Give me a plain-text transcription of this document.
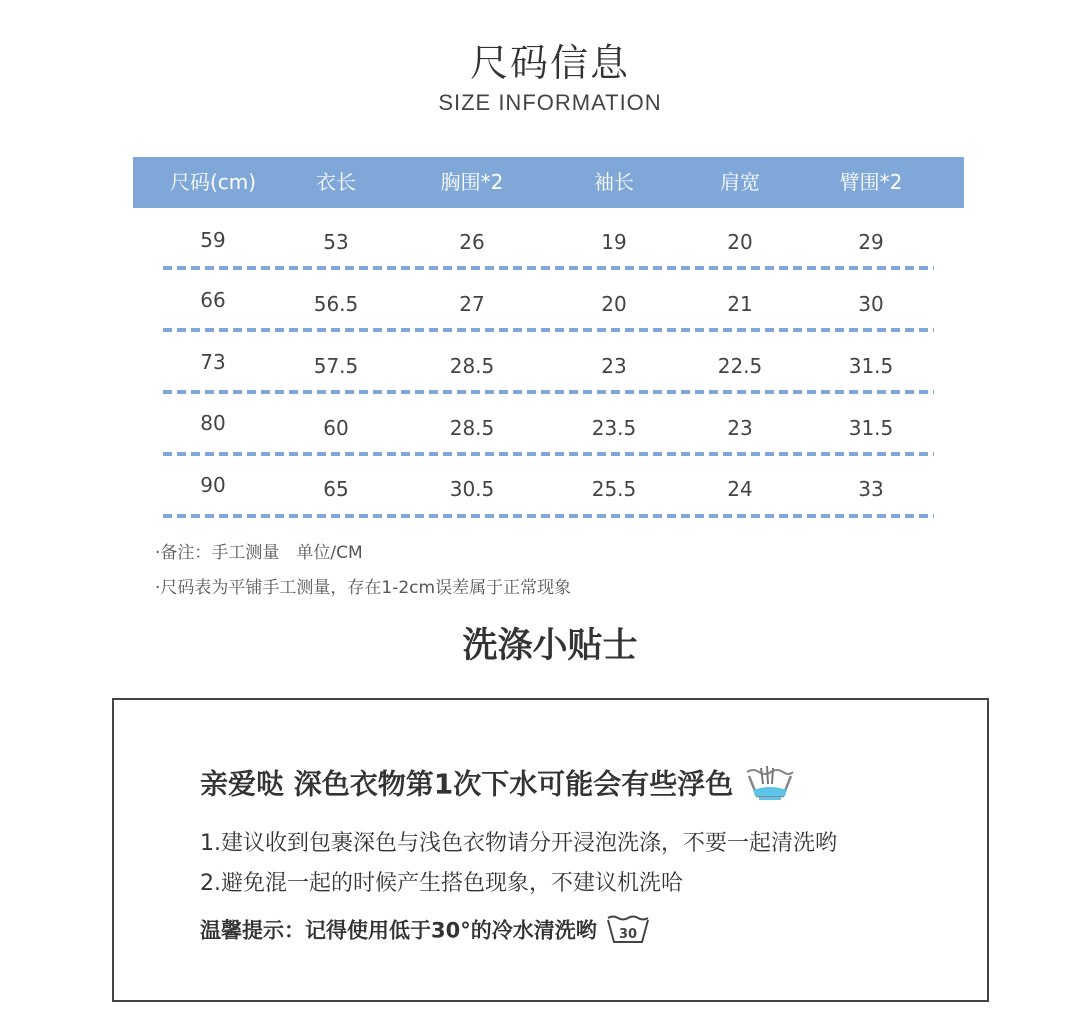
尺码信息
SIZE INFORMATION
尺码(cm)	衣长	胸围*2	袖长	肩宽	臂围*2
59	53	26	19	20	29
66	56.5	27	20	21	30
73	57.5	28.5	23	22.5	31.5
80	60	28.5	23.5	23	31.5
90	65	30.5	25.5	24	33
·备注：手工测量　单位/CM
·尺码表为平铺手工测量，存在1-2cm误差属于正常现象
洗涤小贴士
亲爱哒 深色衣物第1次下水可能会有些浮色
1.建议收到包裹深色与浅色衣物请分开浸泡洗涤，不要一起清洗哟
2.避免混一起的时候产生搭色现象，不建议机洗哈
温馨提示：记得使用低于30°的冷水清洗哟 30
